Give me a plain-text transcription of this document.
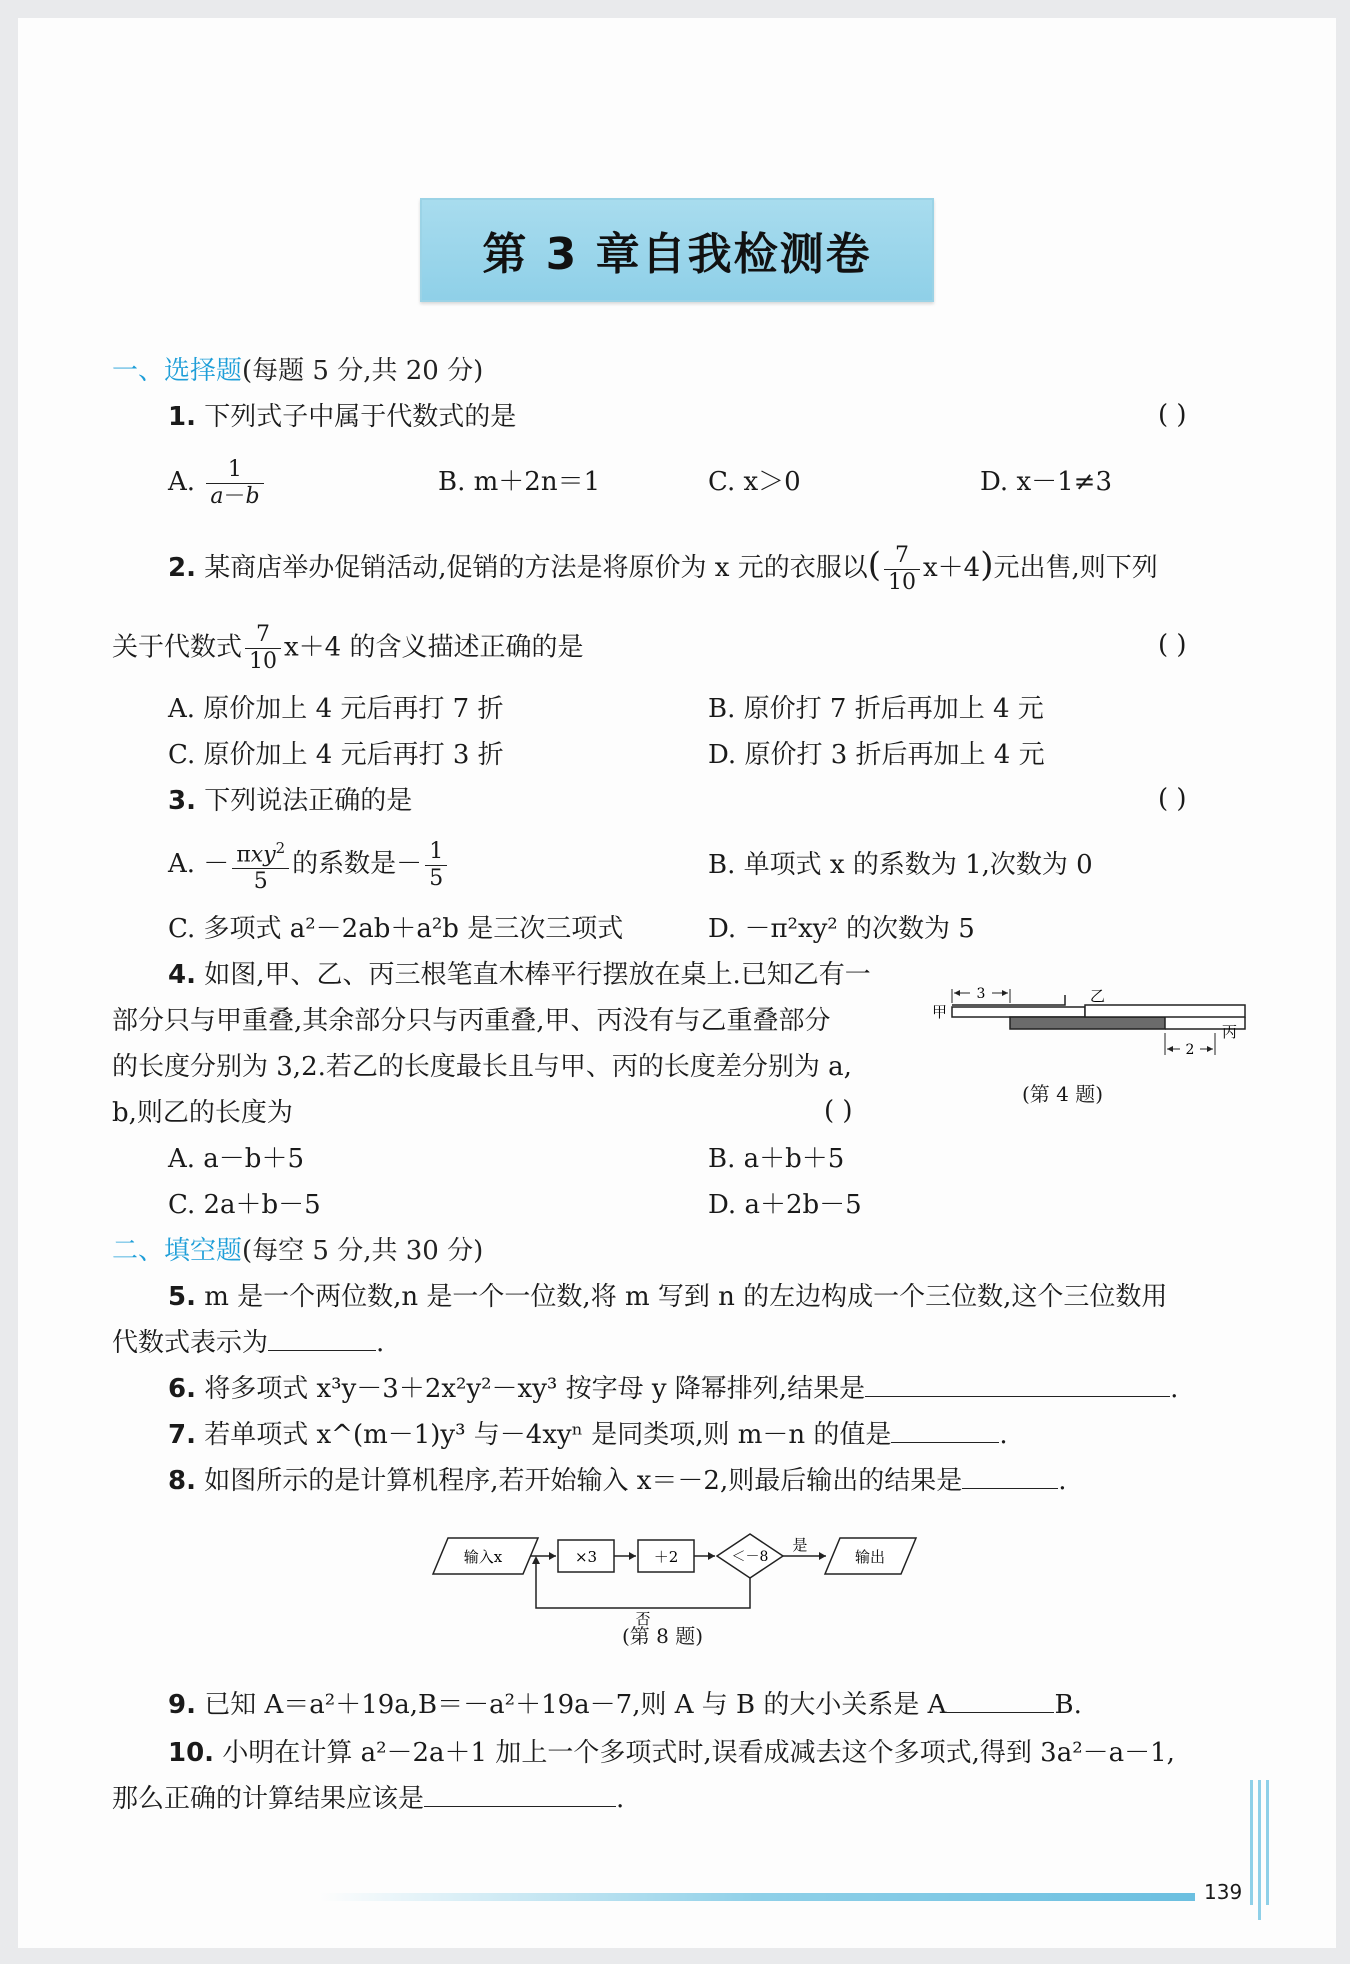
第 3 章自我检测卷
一、选择题(每题 5 分,共 20 分)
1. 下列式子中属于代数式的是	( )
A. $\frac{1}{a-b}$	B. m＋2n＝1	C. x＞0	D. x－1≠3
2. 某商店举办促销活动,促销的方法是将原价为 x 元的衣服以( $\frac{7}{10} x+4$)元出售,则下列
关于代数式 $\frac{7}{10} x+4$ 的含义描述正确的是	( )
A. 原价加上 4 元后再打 7 折	B. 原价打 7 折后再加上 4 元
C. 原价加上 4 元后再打 3 折	D. 原价打 3 折后再加上 4 元
3. 下列说法正确的是	( )
A. － $\frac{\pi xy^2}{5}$ 的系数是－ $\frac{1}{5}$	B. 单项式 x 的系数为 1,次数为 0
C. 多项式 a²－2ab＋a²b 是三次三项式	D. －π²xy² 的次数为 5
4. 如图,甲、乙、丙三根笔直木棒平行摆放在桌上.已知乙有一
部分只与甲重叠,其余部分只与丙重叠,甲、丙没有与乙重叠部分
的长度分别为 3,2.若乙的长度最长且与甲、丙的长度差分别为 a,
b,则乙的长度为	( )
3
2
甲
乙
丙
(第 4 题)
A. a－b＋5	B. a＋b＋5
C. 2a＋b－5	D. a＋2b－5
二、填空题(每空 5 分,共 30 分)
5. m 是一个两位数,n 是一个一位数,将 m 写到 n 的左边构成一个三位数,这个三位数用
代数式表示为	.
6. 将多项式 x³y－3＋2x²y²－xy³ 按字母 y 降幂排列,结果是	.
7. 若单项式 x^(m－1)y³ 与－4xyⁿ 是同类项,则 m－n 的值是	.
8. 如图所示的是计算机程序,若开始输入 x＝－2,则最后输出的结果是	.
输入x	×3	＋2	＜－8
是
输出
否
(第 8 题)
9. 已知 A＝a²＋19a,B＝－a²＋19a－7,则 A 与 B 的大小关系是 A	B.
10. 小明在计算 a²－2a＋1 加上一个多项式时,误看成减去这个多项式,得到 3a²－a－1,
那么正确的计算结果应该是	.
139
